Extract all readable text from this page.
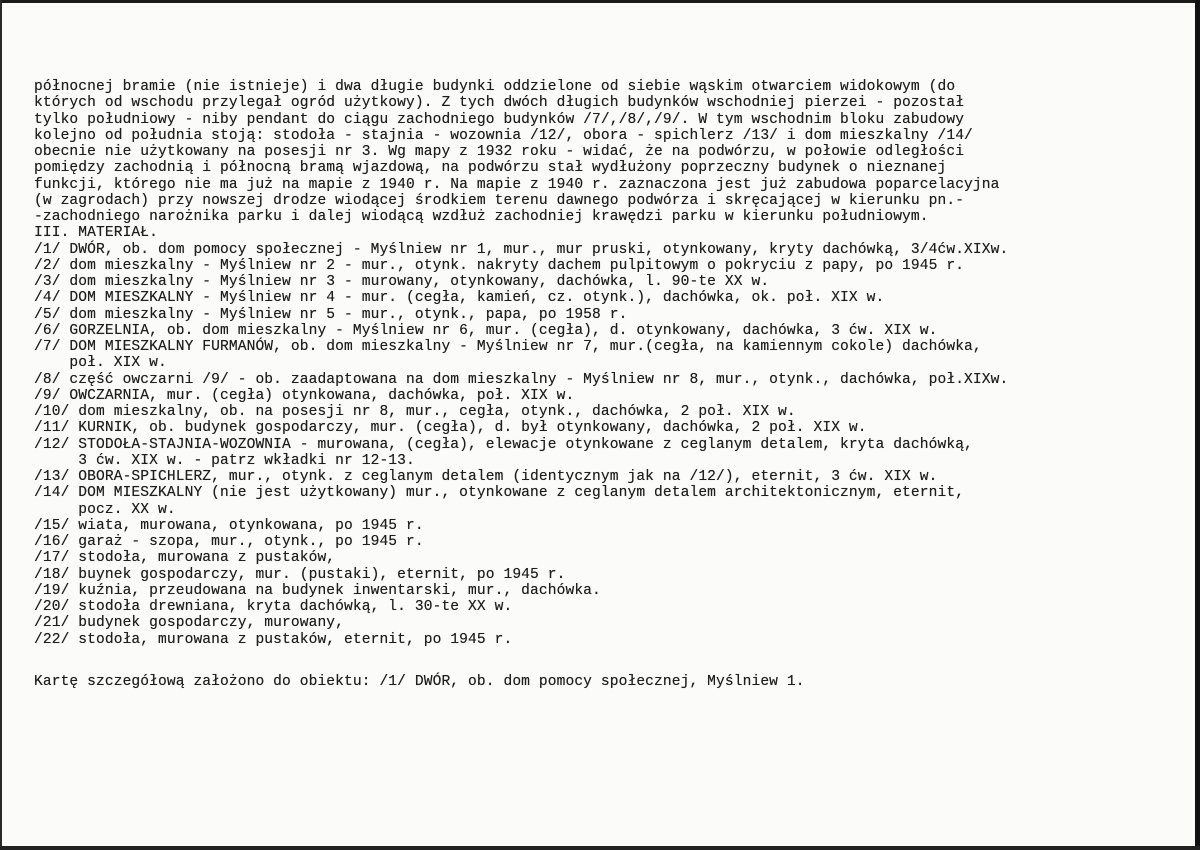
północnej bramie (nie istnieje) i dwa długie budynki oddzielone od siebie wąskim otwarciem widokowym (do

których od wschodu przylegał ogród użytkowy). Z tych dwóch długich budynków wschodniej pierzei - pozostał

tylko południowy - niby pendant do ciągu zachodniego budynków /7/,/8/,/9/. W tym wschodnim bloku zabudowy

kolejno od południa stoją: stodoła - stajnia - wozownia /12/, obora - spichlerz /13/ i dom mieszkalny /14/

obecnie nie użytkowany na posesji nr 3. Wg mapy z 1932 roku - widać, że na podwórzu, w połowie odległości

pomiędzy zachodnią i północną bramą wjazdową, na podwórzu stał wydłużony poprzeczny budynek o nieznanej

funkcji, którego nie ma już na mapie z 1940 r. Na mapie z 1940 r. zaznaczona jest już zabudowa poparcelacyjna

(w zagrodach) przy nowszej drodze wiodącej środkiem terenu dawnego podwórza i skręcającej w kierunku pn.-

-zachodniego narożnika parku i dalej wiodącą wzdłuż zachodniej krawędzi parku w kierunku południowym.

III. MATERIAŁ.

/1/ DWÓR, ob. dom pomocy społecznej - Myślniew nr 1, mur., mur pruski, otynkowany, kryty dachówką, 3/4ćw.XIXw.

/2/ dom mieszkalny - Myślniew nr 2 - mur., otynk. nakryty dachem pulpitowym o pokryciu z papy, po 1945 r.

/3/ dom mieszkalny - Myślniew nr 3 - murowany, otynkowany, dachówka, l. 90-te XX w.

/4/ DOM MIESZKALNY - Myślniew nr 4 - mur. (cegła, kamień, cz. otynk.), dachówka, ok. poł. XIX w.

/5/ dom mieszkalny - Myślniew nr 5 - mur., otynk., papa, po 1958 r.

/6/ GORZELNIA, ob. dom mieszkalny - Myślniew nr 6, mur. (cegła), d. otynkowany, dachówka, 3 ćw. XIX w.

/7/ DOM MIESZKALNY FURMANÓW, ob. dom mieszkalny - Myślniew nr 7, mur.(cegła, na kamiennym cokole) dachówka,

poł. XIX w.

/8/ część owczarni /9/ - ob. zaadaptowana na dom mieszkalny - Myślniew nr 8, mur., otynk., dachówka, poł.XIXw.

/9/ OWCZARNIA, mur. (cegła) otynkowana, dachówka, poł. XIX w.

/10/ dom mieszkalny, ob. na posesji nr 8, mur., cegła, otynk., dachówka, 2 poł. XIX w.

/11/ KURNIK, ob. budynek gospodarczy, mur. (cegła), d. był otynkowany, dachówka, 2 poł. XIX w.

/12/ STODOŁA-STAJNIA-WOZOWNIA - murowana, (cegła), elewacje otynkowane z ceglanym detalem, kryta dachówką,

3 ćw. XIX w. - patrz wkładki nr 12-13.

/13/ OBORA-SPICHLERZ, mur., otynk. z ceglanym detalem (identycznym jak na /12/), eternit, 3 ćw. XIX w.

/14/ DOM MIESZKALNY (nie jest użytkowany) mur., otynkowane z ceglanym detalem architektonicznym, eternit,

pocz. XX w.

/15/ wiata, murowana, otynkowana, po 1945 r.

/16/ garaż - szopa, mur., otynk., po 1945 r.

/17/ stodoła, murowana z pustaków,

/18/ buynek gospodarczy, mur. (pustaki), eternit, po 1945 r.

/19/ kuźnia, przeudowana na budynek inwentarski, mur., dachówka.

/20/ stodoła drewniana, kryta dachówką, l. 30-te XX w.

/21/ budynek gospodarczy, murowany,

/22/ stodoła, murowana z pustaków, eternit, po 1945 r.

Kartę szczegółową założono do obiektu: /1/ DWÓR, ob. dom pomocy społecznej, Myślniew 1.
